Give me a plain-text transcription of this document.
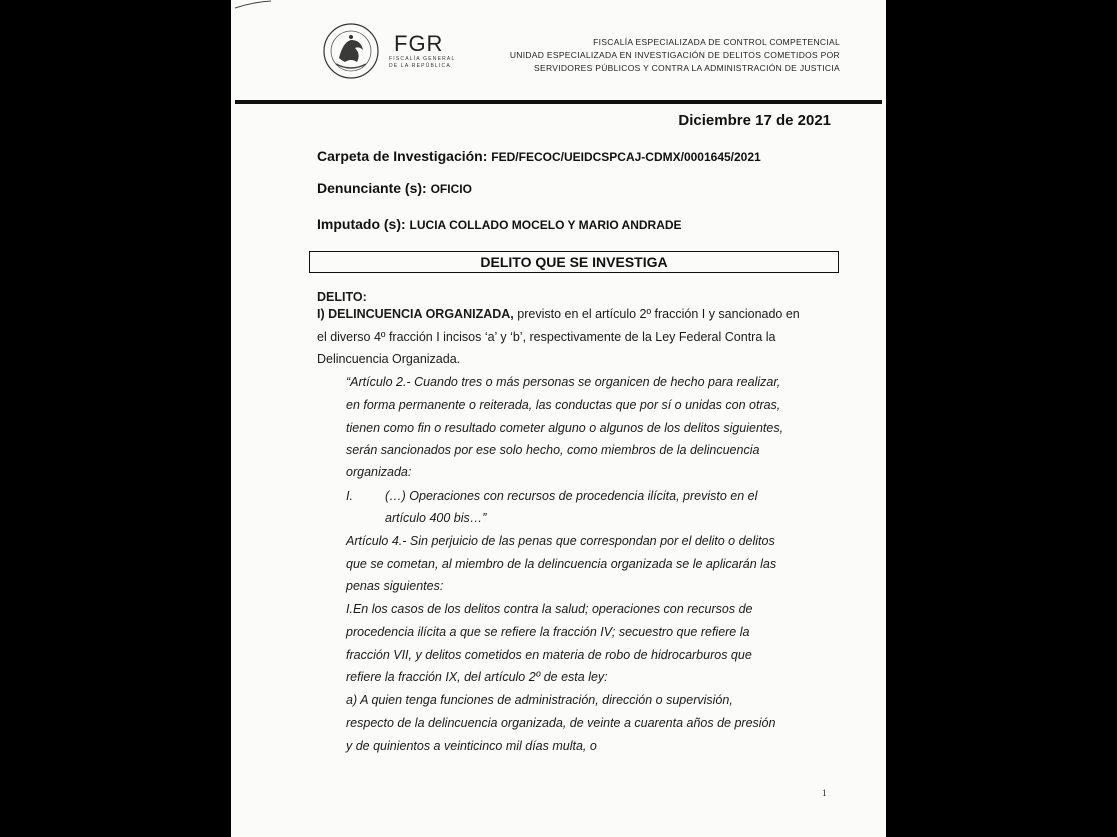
FGR
FISCALÍA GENERAL
DE LA REPÚBLICA
FISCALÍA ESPECIALIZADA DE CONTROL COMPETENCIAL
UNIDAD ESPECIALIZADA EN INVESTIGACIÓN DE DELITOS COMETIDOS POR
SERVIDORES PÚBLICOS Y CONTRA LA ADMINISTRACIÓN DE JUSTICIA
Diciembre 17 de 2021
Carpeta de Investigación: FED/FECOC/UEIDCSPCAJ-CDMX/0001645/2021
Denunciante (s): OFICIO
Imputado (s): LUCIA COLLADO MOCELO Y MARIO ANDRADE
DELITO QUE SE INVESTIGA
DELITO:
I) DELINCUENCIA ORGANIZADA, previsto en el artículo 2º fracción I y sancionado en
el diverso 4º fracción I incisos ‘a’ y ‘b’, respectivamente de la Ley Federal Contra la
Delincuencia Organizada.
“Artículo 2.- Cuando tres o más personas se organicen de hecho para realizar,
en forma permanente o reiterada, las conductas que por sí o unidas con otras,
tienen como fin o resultado cometer alguno o algunos de los delitos siguientes,
serán sancionados por ese solo hecho, como miembros de la delincuencia
organizada:
I.	(…) Operaciones con recursos de procedencia ilícita, previsto en el
artículo 400 bis…”
Artículo 4.- Sin perjuicio de las penas que correspondan por el delito o delitos
que se cometan, al miembro de la delincuencia organizada se le aplicarán las
penas siguientes:
I.En los casos de los delitos contra la salud; operaciones con recursos de
procedencia ilícita a que se refiere la fracción IV; secuestro que refiere la
fracción VII, y delitos cometidos en materia de robo de hidrocarburos que
refiere la fracción IX, del artículo 2º de esta ley:
a) A quien tenga funciones de administración, dirección o supervisión,
respecto de la delincuencia organizada, de veinte a cuarenta años de presión
y de quinientos a veinticinco mil días multa, o
1
